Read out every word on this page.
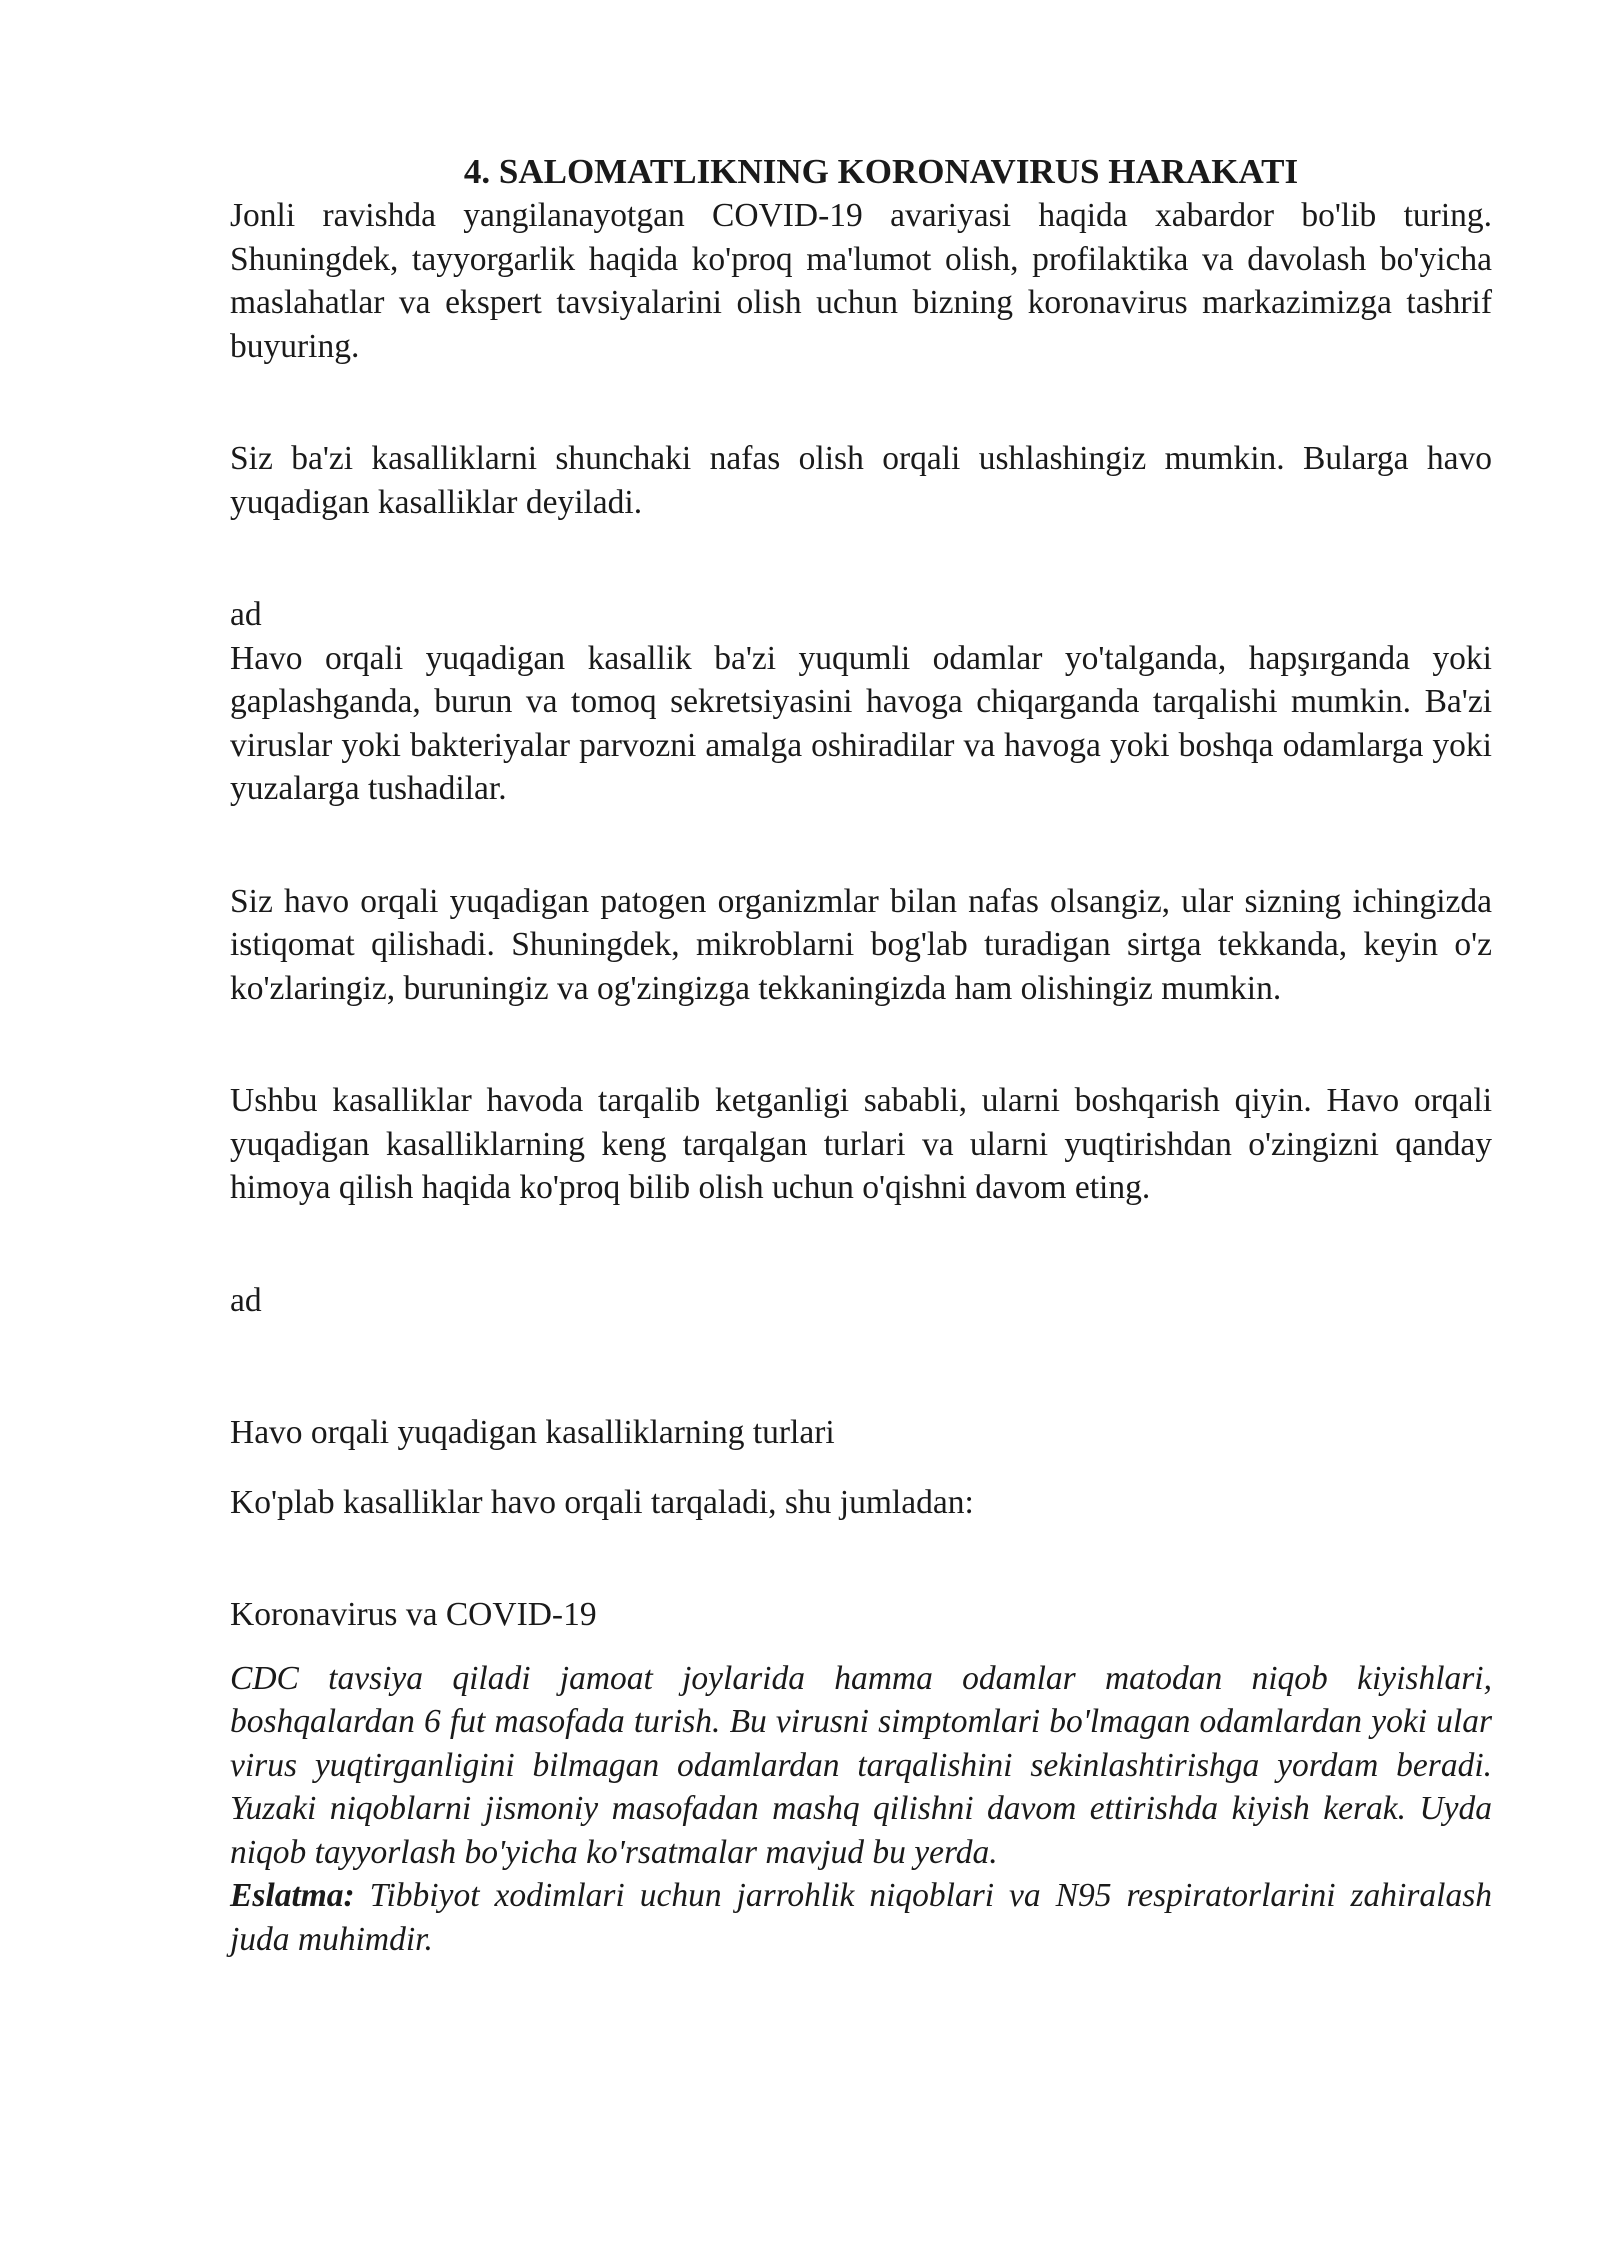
4. SALOMATLIKNING KORONAVIRUS HARAKATI

Jonli ravishda yangilanayotgan COVID-19 avariyasi haqida xabardor bo'lib turing. Shuningdek, tayyorgarlik haqida ko'proq ma'lumot olish, profilaktika va davolash bo'yicha maslahatlar va ekspert tavsiyalarini olish uchun bizning koronavirus markazimizga tashrif buyuring.

Siz ba'zi kasalliklarni shunchaki nafas olish orqali ushlashingiz mumkin. Bularga havo yuqadigan kasalliklar deyiladi.

ad

Havo orqali yuqadigan kasallik ba'zi yuqumli odamlar yo'talganda, hapşırganda yoki gaplashganda, burun va tomoq sekretsiyasini havoga chiqarganda tarqalishi mumkin. Ba'zi viruslar yoki bakteriyalar parvozni amalga oshiradilar va havoga yoki boshqa odamlarga yoki yuzalarga tushadilar.

Siz havo orqali yuqadigan patogen organizmlar bilan nafas olsangiz, ular sizning ichingizda istiqomat qilishadi. Shuningdek, mikroblarni bog'lab turadigan sirtga tekkanda, keyin o'z ko'zlaringiz, buruningiz va og'zingizga tekkaningizda ham olishingiz mumkin.

Ushbu kasalliklar havoda tarqalib ketganligi sababli, ularni boshqarish qiyin. Havo orqali yuqadigan kasalliklarning keng tarqalgan turlari va ularni yuqtirishdan o'zingizni qanday himoya qilish haqida ko'proq bilib olish uchun o'qishni davom eting.

ad

Havo orqali yuqadigan kasalliklarning turlari

Ko'plab kasalliklar havo orqali tarqaladi, shu jumladan:

Koronavirus va COVID-19

CDC tavsiya qiladi jamoat joylarida hamma odamlar matodan niqob kiyishlari, boshqalardan 6 fut masofada turish. Bu virusni simptomlari bo'lmagan odamlardan yoki ular virus yuqtirganligini bilmagan odamlardan tarqalishini sekinlashtirishga yordam beradi. Yuzaki niqoblarni jismoniy masofadan mashq qilishni davom ettirishda kiyish kerak. Uyda niqob tayyorlash bo'yicha ko'rsatmalar mavjud bu yerda.

Eslatma: Tibbiyot xodimlari uchun jarrohlik niqoblari va N95 respiratorlarini zahiralash juda muhimdir.
